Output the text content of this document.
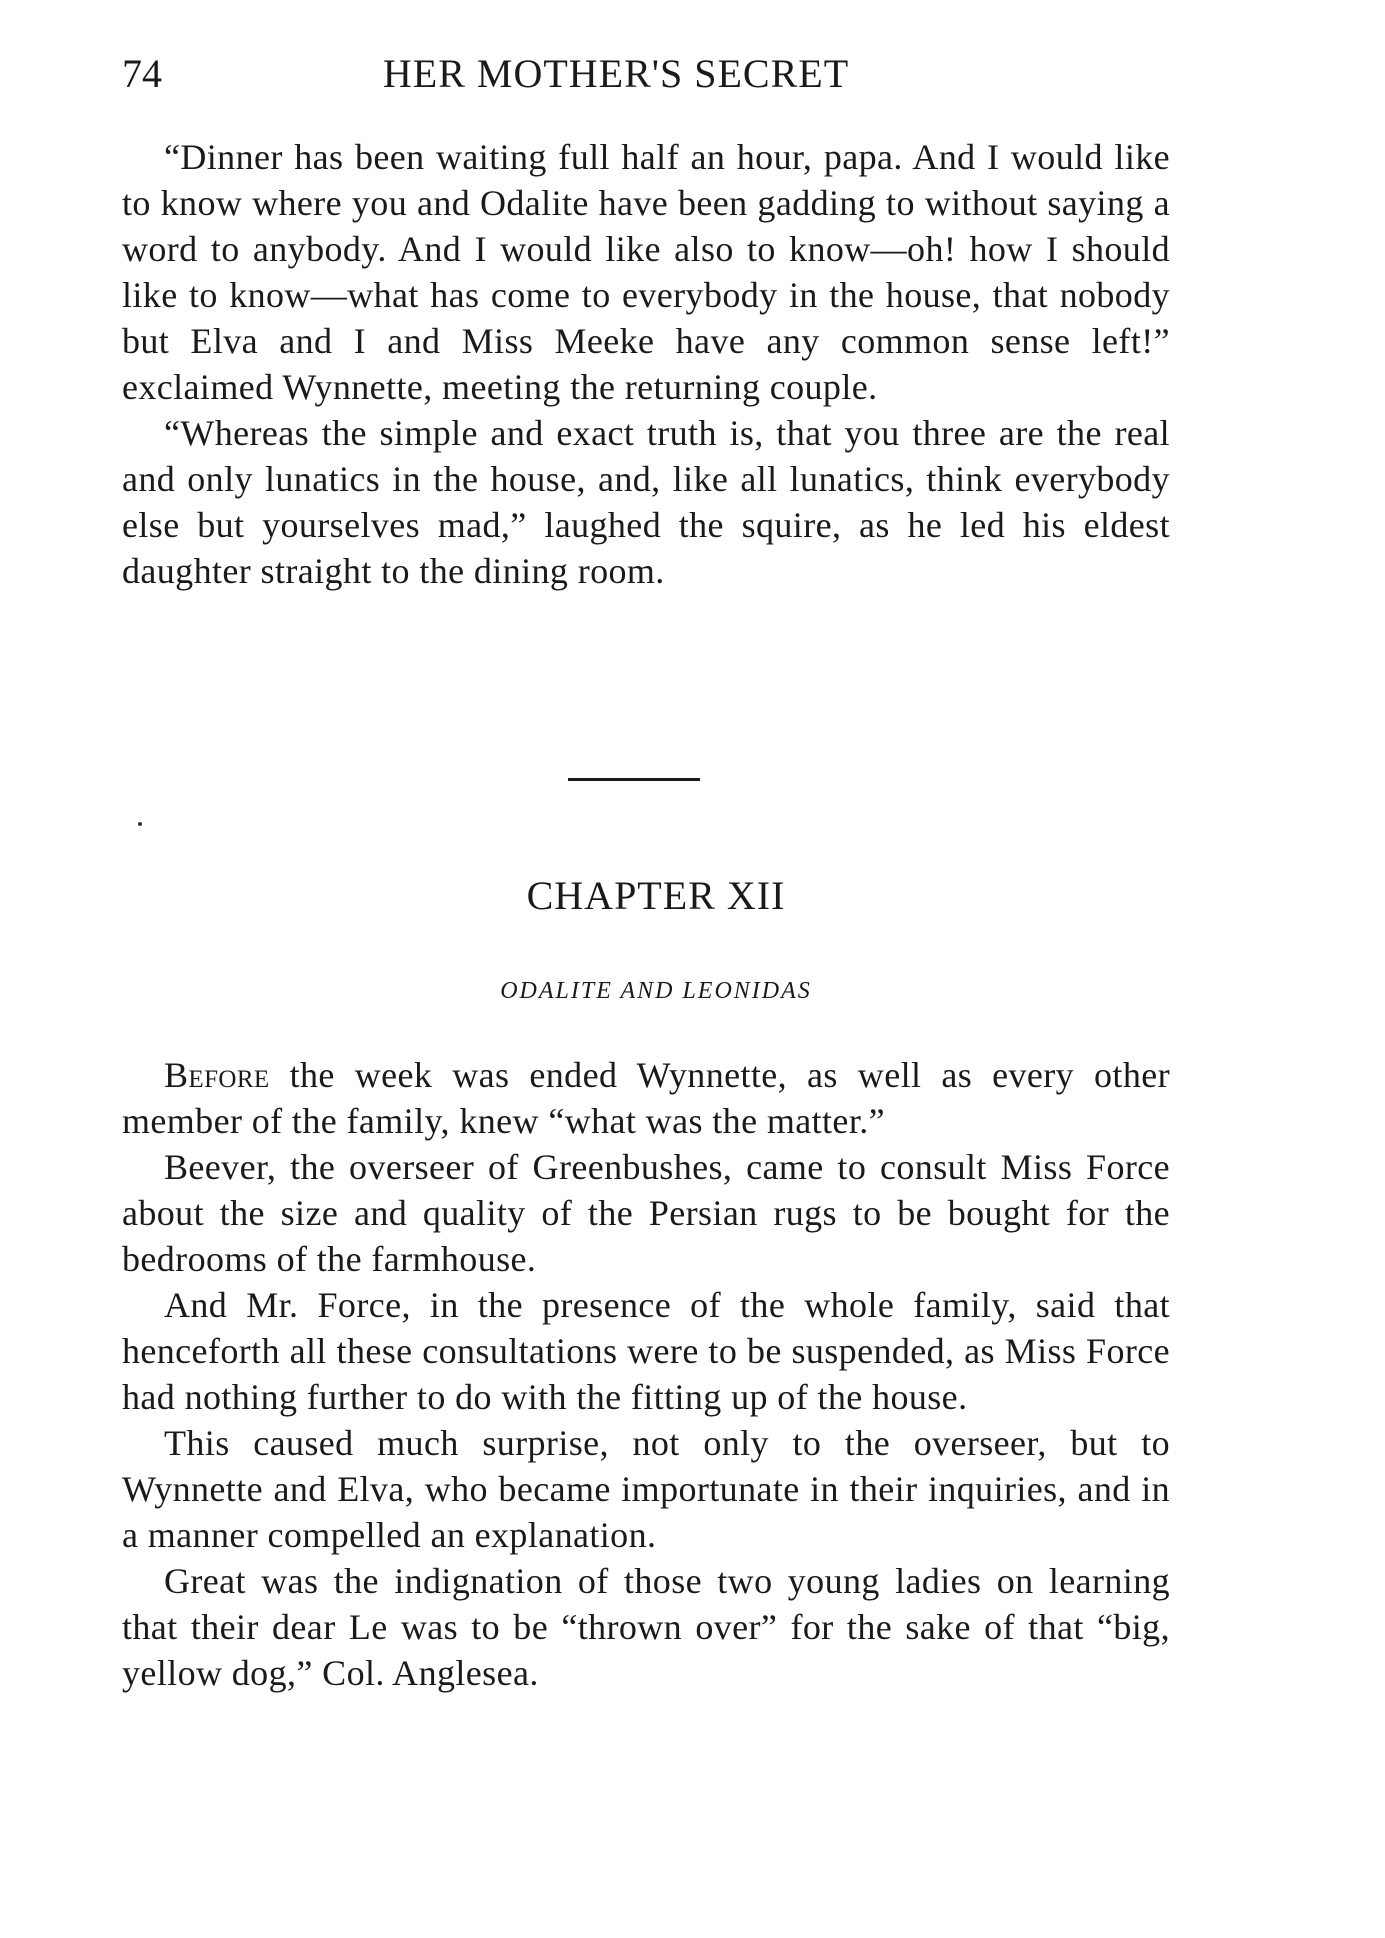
74	HER MOTHER'S SECRET

“Dinner has been waiting full half an hour, papa. And I would like to know where you and Odalite have been gadding to without saying a word to anybody. And I would like also to know—oh! how I should like to know—what has come to everybody in the house, that nobody but Elva and I and Miss Meeke have any common sense left!” exclaimed Wynnette, meeting the returning couple.

“Whereas the simple and exact truth is, that you three are the real and only lunatics in the house, and, like all lunatics, think everybody else but yourselves mad,” laughed the squire, as he led his eldest daughter straight to the dining room.

CHAPTER XII
ODALITE AND LEONIDAS

Before the week was ended Wynnette, as well as every other member of the family, knew “what was the matter.”

Beever, the overseer of Greenbushes, came to consult Miss Force about the size and quality of the Persian rugs to be bought for the bedrooms of the farmhouse.

And Mr. Force, in the presence of the whole family, said that henceforth all these consultations were to be suspended, as Miss Force had nothing further to do with the fitting up of the house.

This caused much surprise, not only to the overseer, but to Wynnette and Elva, who became importunate in their inquiries, and in a manner compelled an explanation.

Great was the indignation of those two young ladies on learning that their dear Le was to be “thrown over” for the sake of that “big, yellow dog,” Col. Anglesea.
